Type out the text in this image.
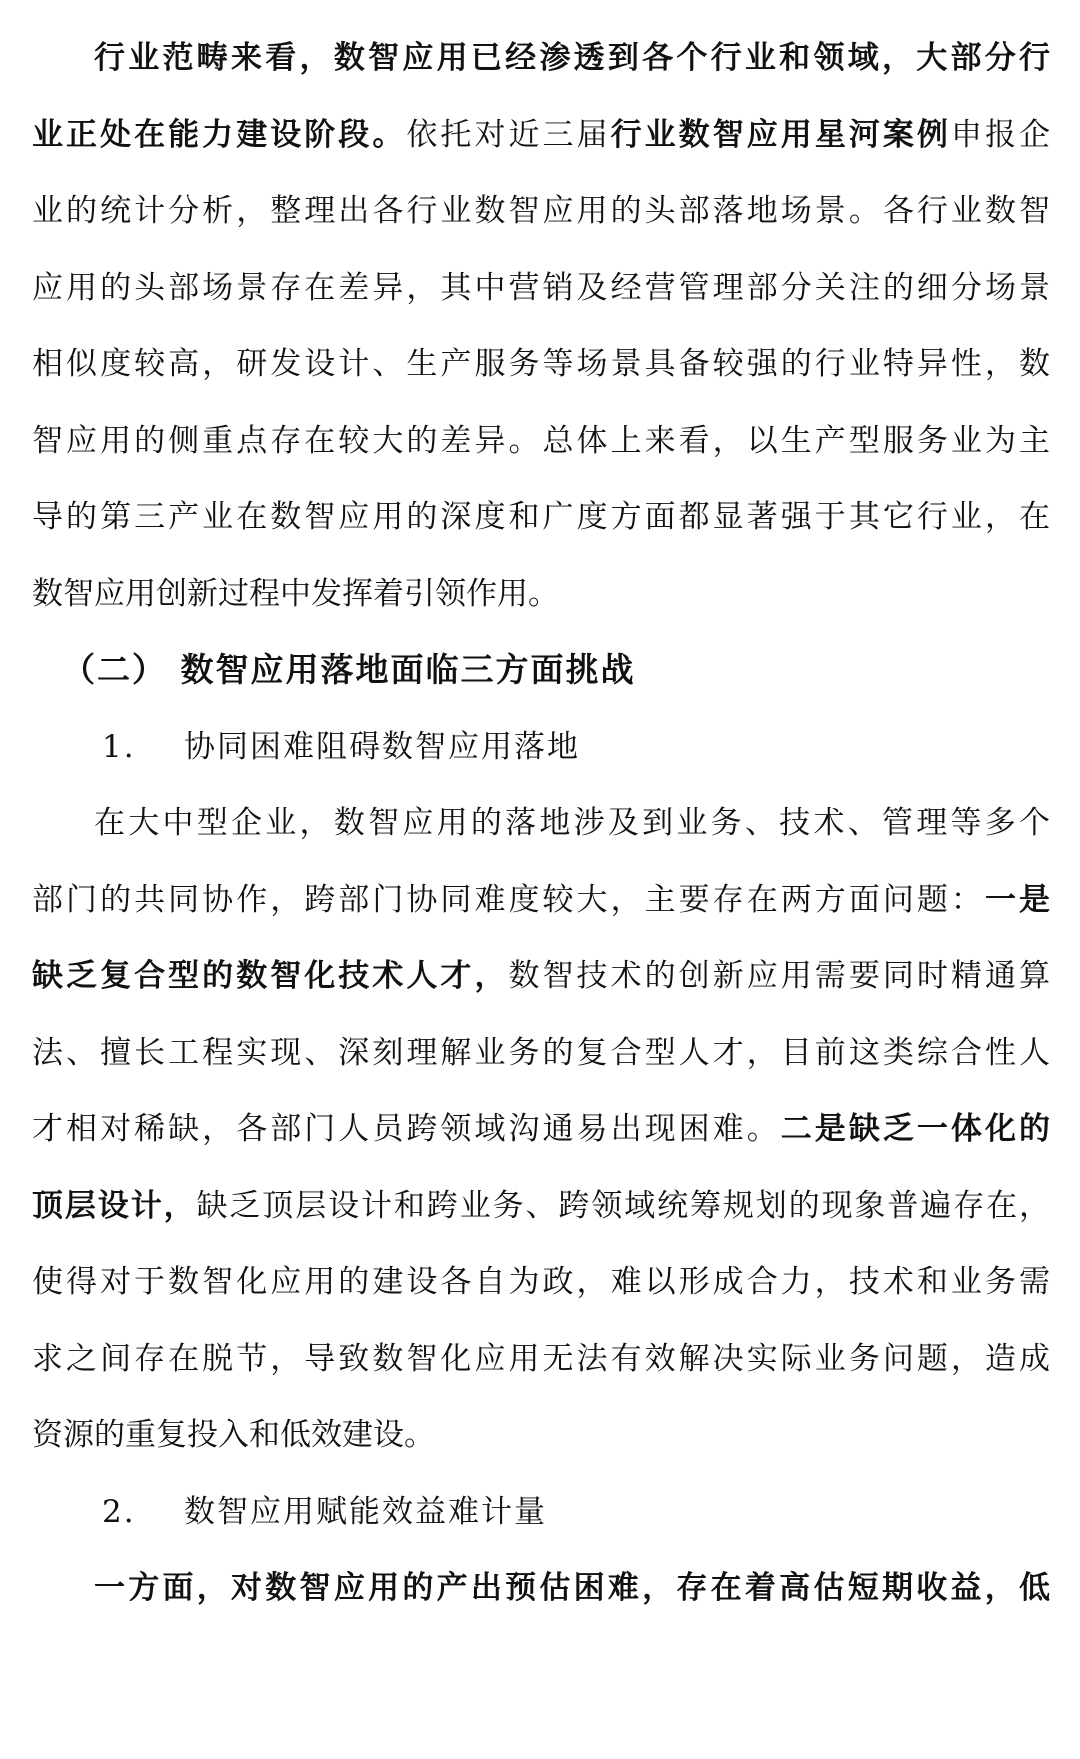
行业范畴来看，数智应用已经渗透到各个行业和领域，大部分行
业正处在能力建设阶段。依托对近三届行业数智应用星河案例申报企
业的统计分析，整理出各行业数智应用的头部落地场景。各行业数智
应用的头部场景存在差异，其中营销及经营管理部分关注的细分场景
相似度较高，研发设计、生产服务等场景具备较强的行业特异性，数
智应用的侧重点存在较大的差异。总体上来看，以生产型服务业为主
导的第三产业在数智应用的深度和广度方面都显著强于其它行业，在
数智应用创新过程中发挥着引领作用。
（二） 数智应用落地面临三方面挑战
1. 协同困难阻碍数智应用落地
在大中型企业，数智应用的落地涉及到业务、技术、管理等多个
部门的共同协作，跨部门协同难度较大，主要存在两方面问题：一是
缺乏复合型的数智化技术人才，数智技术的创新应用需要同时精通算
法、擅长工程实现、深刻理解业务的复合型人才，目前这类综合性人
才相对稀缺，各部门人员跨领域沟通易出现困难。二是缺乏一体化的
顶层设计，缺乏顶层设计和跨业务、跨领域统筹规划的现象普遍存在，
使得对于数智化应用的建设各自为政，难以形成合力，技术和业务需
求之间存在脱节，导致数智化应用无法有效解决实际业务问题，造成
资源的重复投入和低效建设。
2. 数智应用赋能效益难计量
一方面，对数智应用的产出预估困难，存在着高估短期收益，低
